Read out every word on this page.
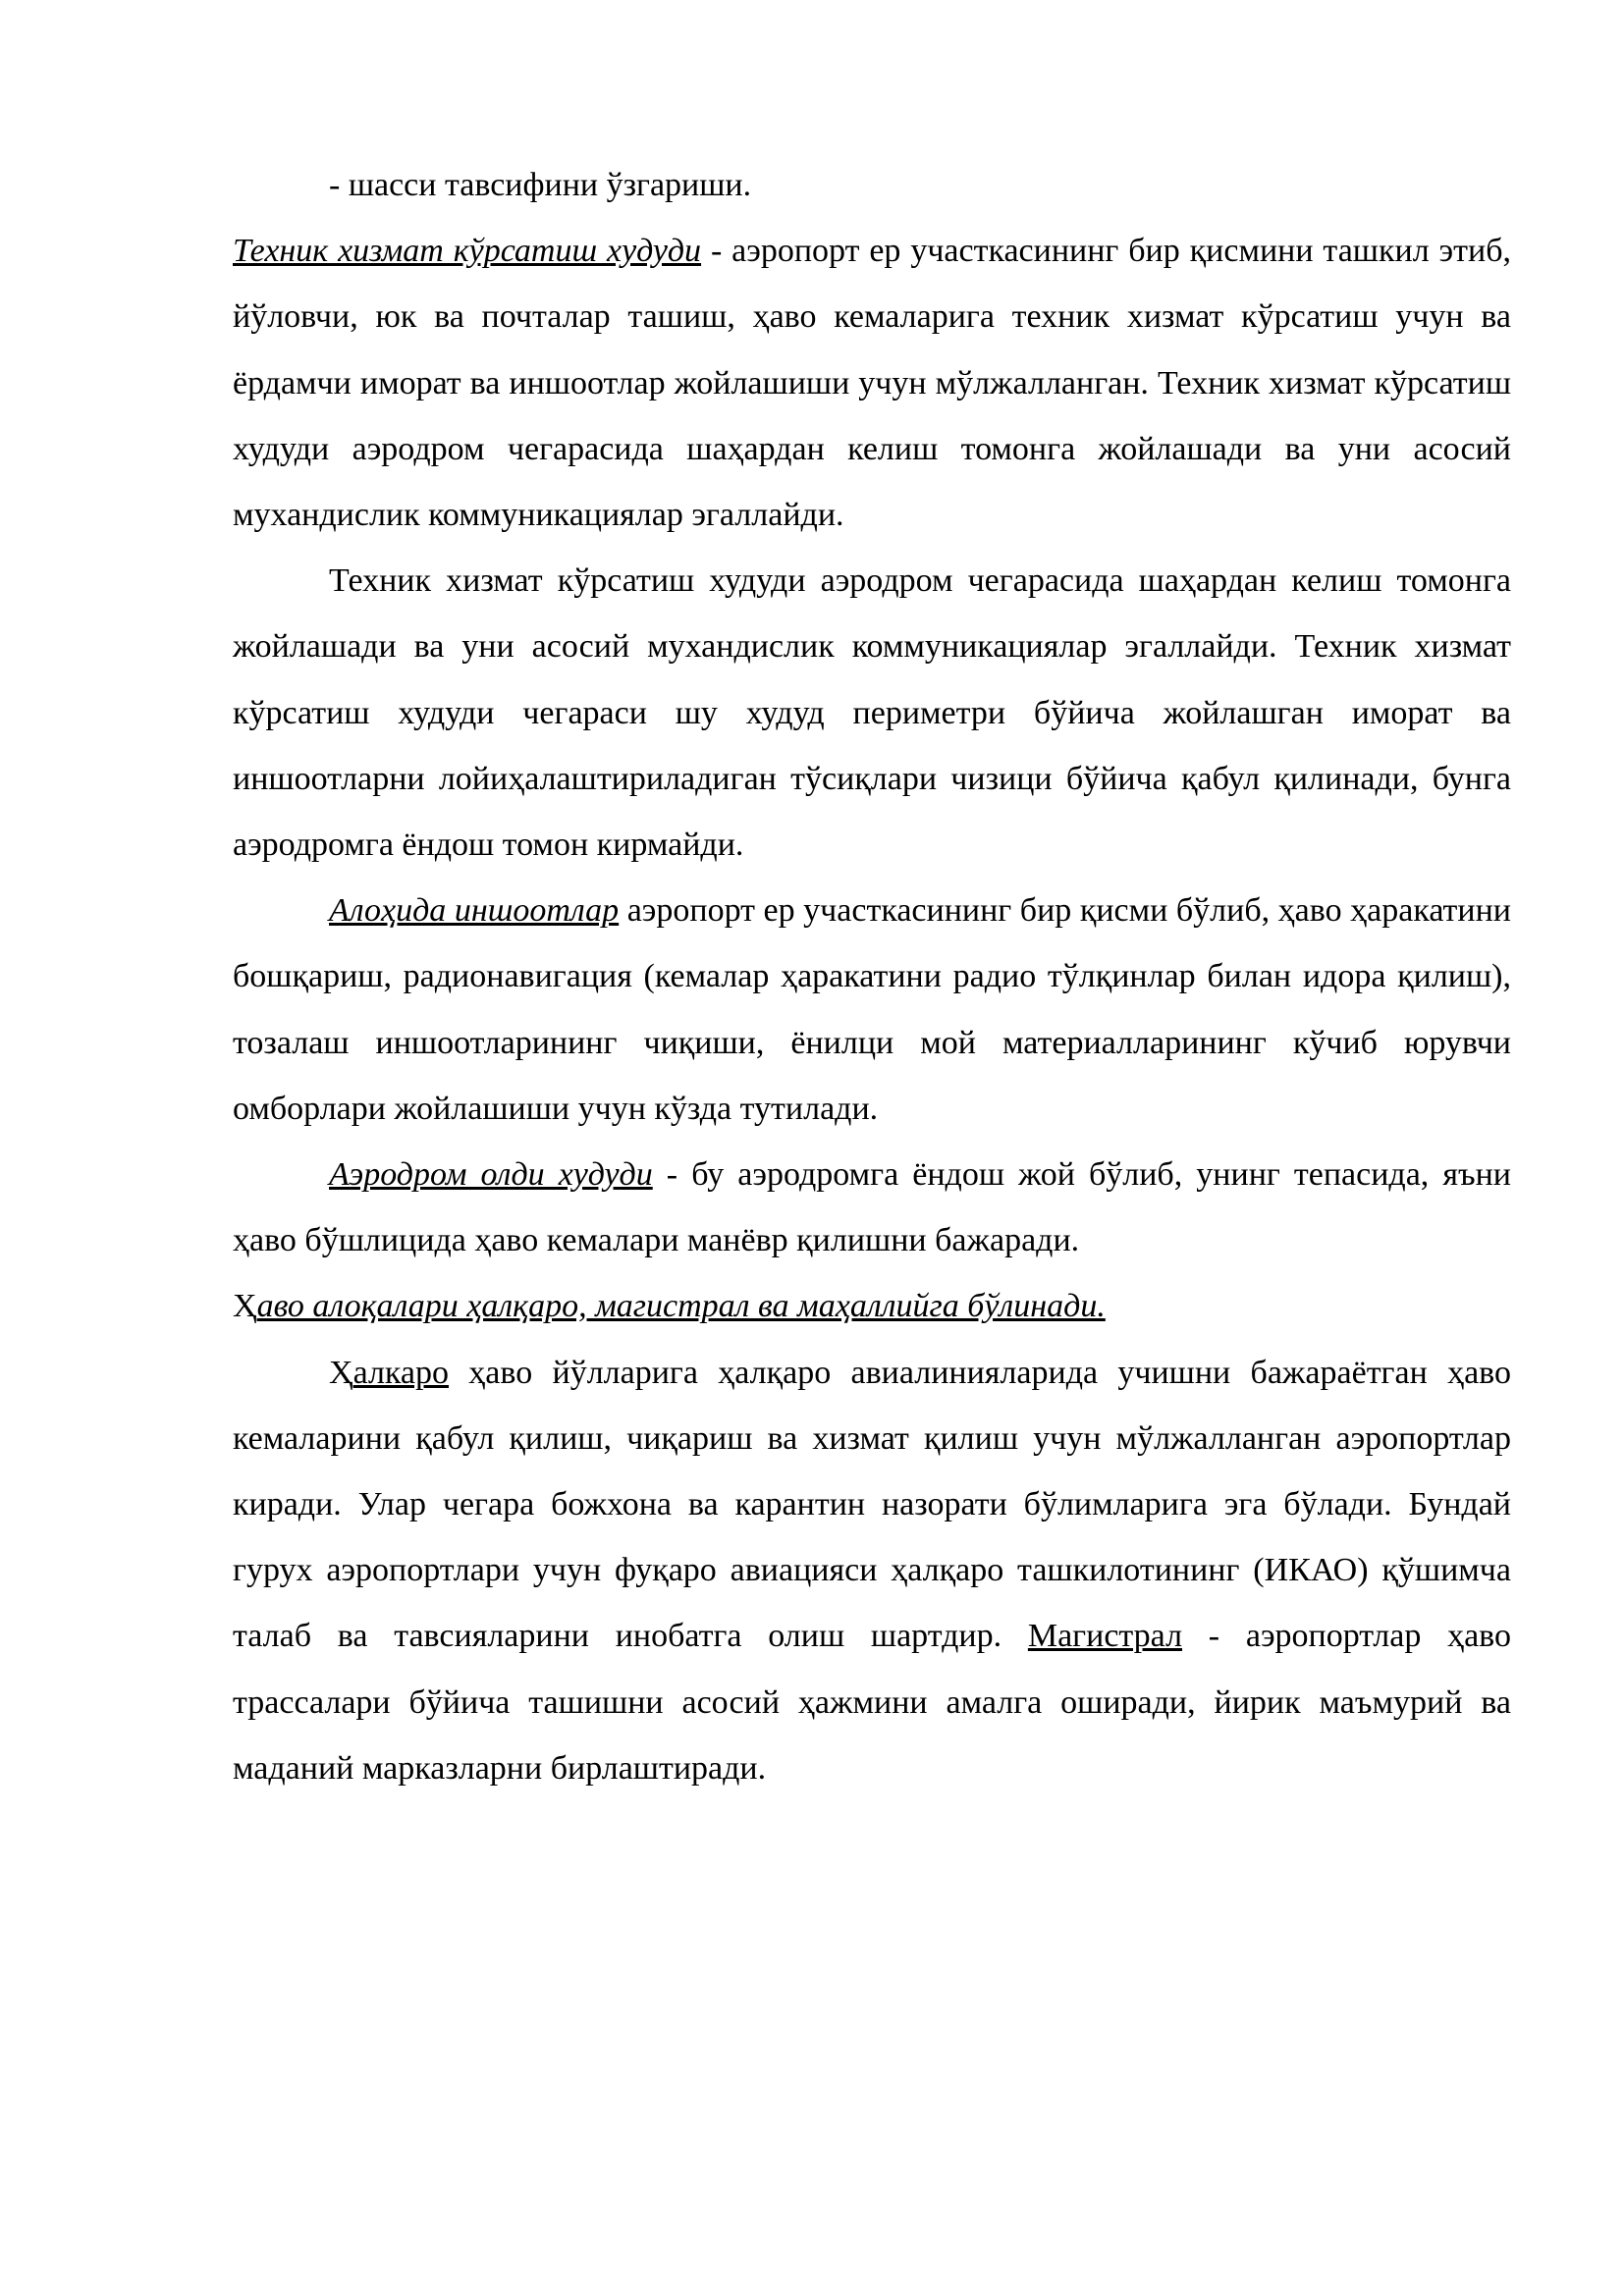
- шасси тавсифини ўзгариши.

Техник хизмат кўрсатиш худуди - аэропорт ер участкасининг бир қисмини ташкил этиб, йўловчи, юк ва почталар ташиш, ҳаво кемаларига техник хизмат кўрсатиш учун ва ёрдамчи иморат ва иншоотлар жойлашиши учун мўлжалланган. Техник хизмат кўрсатиш худуди аэродром чегарасида шаҳардан келиш томонга жойлашади ва уни асосий мухандислик коммуникациялар эгаллайди.

Техник хизмат кўрсатиш худуди аэродром чегарасида шаҳардан келиш томонга жойлашади ва уни асосий мухандислик коммуникациялар эгаллайди. Техник хизмат кўрсатиш худуди чегараси шу худуд периметри бўйича жойлашган иморат ва иншоотларни лойиҳалаштириладиган тўсиқлари чизици бўйича қабул қилинади, бунга аэродромга ёндош томон кирмайди.

Алоҳида иншоотлар аэропорт ер участкасининг бир қисми бўлиб, ҳаво ҳаракатини бошқариш, радионавигация (кемалар ҳаракатини радио тўлқинлар билан идора қилиш), тозалаш иншоотларининг чиқиши, ёнилци мой материалларининг кўчиб юрувчи омборлари жойлашиши учун кўзда тутилади.

Аэродром олди худуди - бу аэродромга ёндош жой бўлиб, унинг тепасида, яъни ҳаво бўшлицида ҳаво кемалари манёвр қилишни бажаради.

Ҳаво алоқалари ҳалқаро, магистрал ва маҳаллийга бўлинади.

Ҳалкаро ҳаво йўлларига ҳалқаро авиалинияларида учишни бажараётган ҳаво кемаларини қабул қилиш, чиқариш ва хизмат қилиш учун мўлжалланган аэропортлар киради. Улар чегара божхона ва карантин назорати бўлимларига эга бўлади. Бундай гурух аэропортлари учун фуқаро авиацияси ҳалқаро ташкилотининг (ИКАО) қўшимча талаб ва тавсияларини инобатга олиш шартдир. Магистрал - аэропортлар ҳаво трассалари бўйича ташишни асосий ҳажмини амалга оширади, йирик маъмурий ва маданий марказларни бирлаштиради.
